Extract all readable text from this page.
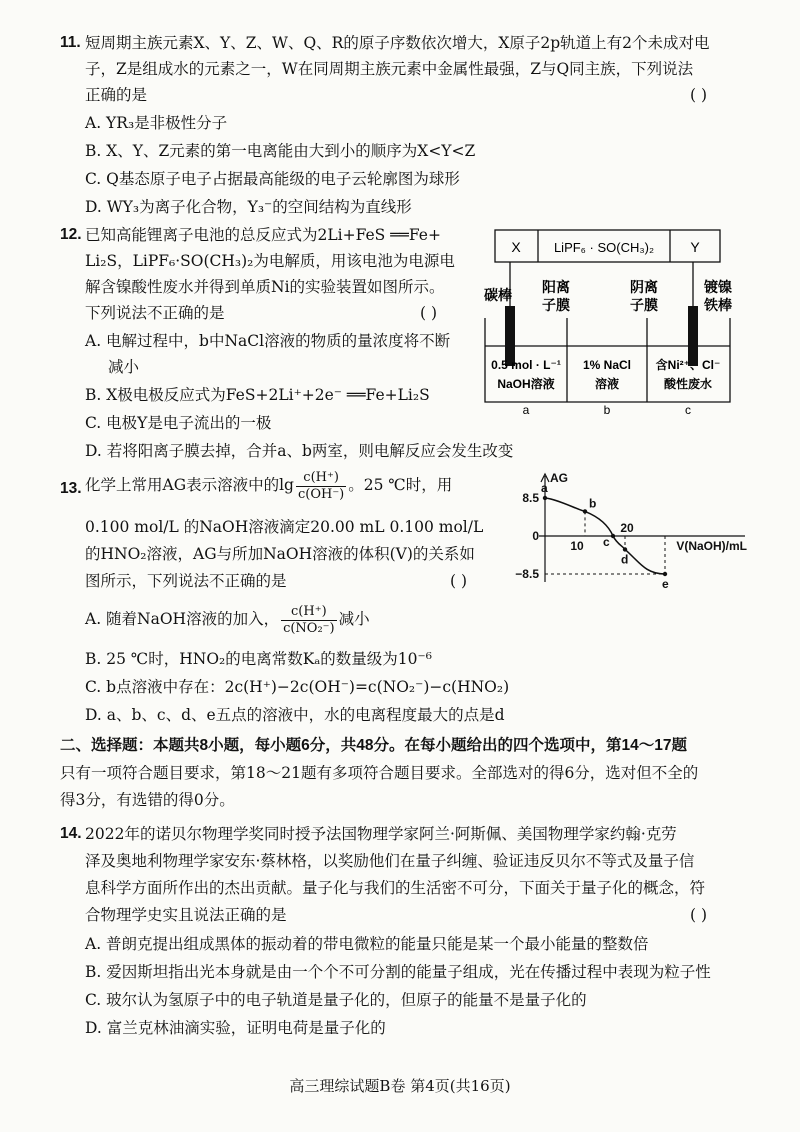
11. 短周期主族元素X、Y、Z、W、Q、R的原子序数依次增大，X原子2p轨道上有2个未成对电
子，Z是组成水的元素之一，W在同周期主族元素中金属性最强，Z与Q同主族，下列说法
正确的是	( )
A. YR₃是非极性分子
B. X、Y、Z元素的第一电离能由大到小的顺序为X<Y<Z
C. Q基态原子电子占据最高能级的电子云轮廓图为球形
D. WY₃为离子化合物，Y₃⁻的空间结构为直线形
12. 已知高能锂离子电池的总反应式为2Li+FeS ══Fe+
Li₂S，LiPF₆·SO(CH₃)₂为电解质，用该电池为电源电
解含镍酸性废水并得到单质Ni的实验装置如图所示。
下列说法不正确的是	( )
A. 电解过程中，b中NaCl溶液的物质的量浓度将不断
减小
B. X极电极反应式为FeS+2Li⁺+2e⁻ ══Fe+Li₂S
C. 电极Y是电子流出的一极
D. 若将阳离子膜去掉，合并a、b两室，则电解反应会发生改变
X	LiPF₆ · SO(CH₃)₂	Y
碳棒 阳离
子膜
阴离
子膜
镀镍
铁棒
0.5 mol · L⁻¹
NaOH溶液
1% NaCl
溶液
含Ni²⁺、Cl⁻
酸性废水
a	b	c
13. 化学上常用AG表示溶液中的$\lg \frac{c(H^+)}{c(OH^-)}$ 。25 ℃时，用
0.100 mol/L 的NaOH溶液滴定20.00 mL 0.100 mol/L
的HNO₂溶液，AG与所加NaOH溶液的体积(V)的关系如
图所示，下列说法不正确的是	( )
A. 随着NaOH溶液的加入， $\frac{c(H^+)}{\text{c(NO₂⁻)}}$ 减小
B. 25 ℃时，HNO₂的电离常数Kₐ的数量级为10⁻⁶
C. b点溶液中存在：2c(H⁺)−2c(OH⁻)=c(NO₂⁻)−c(HNO₂)
D. a、b、c、d、e五点的溶液中，水的电离程度最大的点是d
a
b
c
d
e
AG
8.5
0
−8.5
10
20
V(NaOH)/mL
二、选择题：本题共8小题，每小题6分，共48分。在每小题给出的四个选项中，第14～17题
只有一项符合题目要求，第18～21题有多项符合题目要求。全部选对的得6分，选对但不全的
得3分，有选错的得0分。
14. 2022年的诺贝尔物理学奖同时授予法国物理学家阿兰·阿斯佩、美国物理学家约翰·克劳
泽及奥地利物理学家安东·蔡林格，以奖励他们在量子纠缠、验证违反贝尔不等式及量子信
息科学方面所作出的杰出贡献。量子化与我们的生活密不可分，下面关于量子化的概念，符
合物理学史实且说法正确的是	( )
A. 普朗克提出组成黑体的振动着的带电微粒的能量只能是某一个最小能量的整数倍
B. 爱因斯坦指出光本身就是由一个个不可分割的能量子组成，光在传播过程中表现为粒子性
C. 玻尔认为氢原子中的电子轨道是量子化的，但原子的能量不是量子化的
D. 富兰克林油滴实验，证明电荷是量子化的
高三理综试题B卷 第4页(共16页)
